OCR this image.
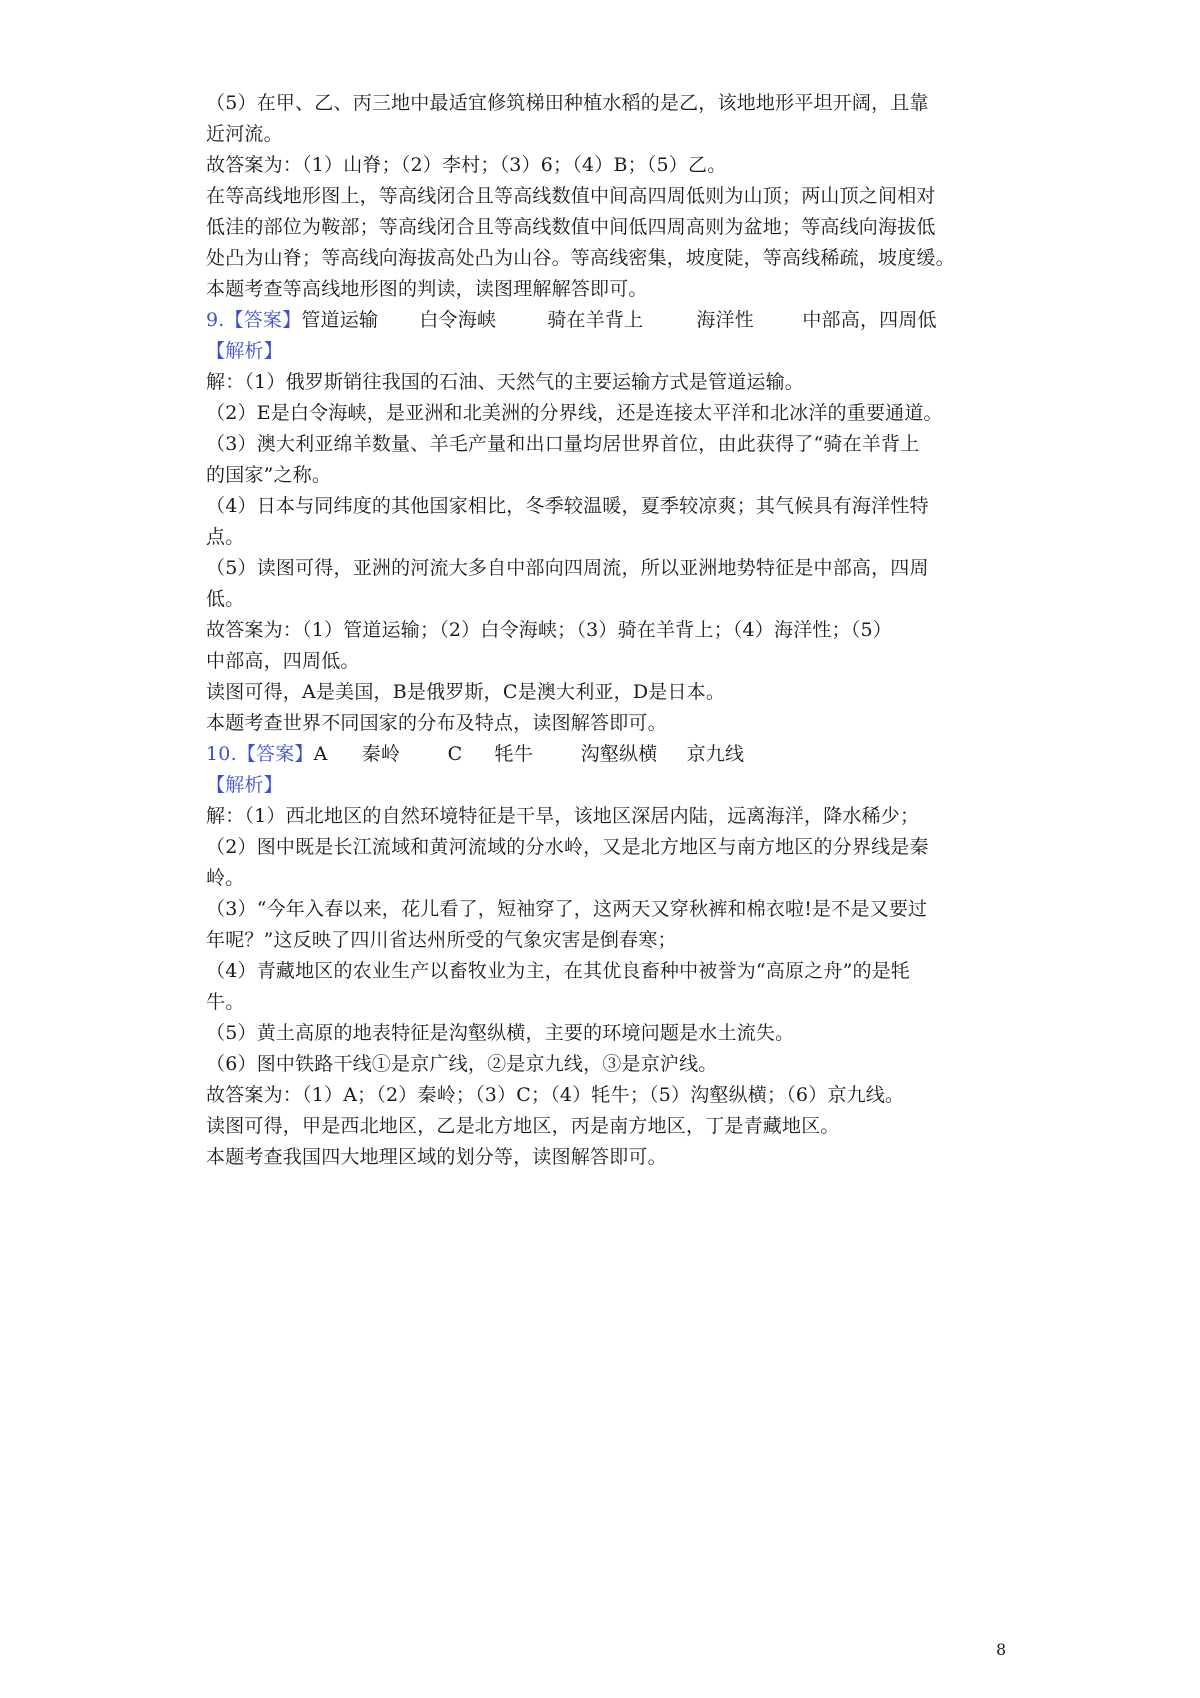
（5）在甲、乙、丙三地中最适宜修筑梯田种植水稻的是乙，该地地形平坦开阔，且靠
近河流。
故答案为：（1）山脊；（2）李村；（3）6；（4）B；（5）乙。
在等高线地形图上，等高线闭合且等高线数值中间高四周低则为山顶；两山顶之间相对
低洼的部位为鞍部；等高线闭合且等高线数值中间低四周高则为盆地；等高线向海拔低
处凸为山脊；等高线向海拔高处凸为山谷。等高线密集，坡度陡，等高线稀疏，坡度缓。
本题考查等高线地形图的判读，读图理解解答即可。
9.【答案】管道运输 白令海峡	骑在羊背上	海洋性	中部高，四周低
【解析】
解：（1）俄罗斯销往我国的石油、天然气的主要运输方式是管道运输。
（2）E是白令海峡，是亚洲和北美洲的分界线，还是连接太平洋和北冰洋的重要通道。
（3）澳大利亚绵羊数量、羊毛产量和出口量均居世界首位，由此获得了“骑在羊背上
的国家”之称。
（4）日本与同纬度的其他国家相比，冬季较温暖，夏季较凉爽；其气候具有海洋性特
点。
（5）读图可得，亚洲的河流大多自中部向四周流，所以亚洲地势特征是中部高，四周
低。
故答案为：（1）管道运输；（2）白令海峡；（3）骑在羊背上；（4）海洋性；（5）
中部高，四周低。
读图可得，A是美国，B是俄罗斯，C是澳大利亚，D是日本。
本题考查世界不同国家的分布及特点，读图解答即可。
10.【答案】A 秦岭	C 牦牛	沟壑纵横 京九线
【解析】
解：（1）西北地区的自然环境特征是干旱，该地区深居内陆，远离海洋，降水稀少；
（2）图中既是长江流域和黄河流域的分水岭，又是北方地区与南方地区的分界线是秦
岭。
（3）“今年入春以来，花儿看了，短袖穿了，这两天又穿秋裤和棉衣啦!是不是又要过
年呢？”这反映了四川省达州所受的气象灾害是倒春寒；
（4）青藏地区的农业生产以畜牧业为主，在其优良畜种中被誉为“高原之舟”的是牦
牛。
（5）黄土高原的地表特征是沟壑纵横，主要的环境问题是水土流失。
（6）图中铁路干线①是京广线，②是京九线，③是京沪线。
故答案为：（1）A；（2）秦岭；（3）C；（4）牦牛；（5）沟壑纵横；（6）京九线。
读图可得，甲是西北地区，乙是北方地区，丙是南方地区，丁是青藏地区。
本题考查我国四大地理区域的划分等，读图解答即可。
8
